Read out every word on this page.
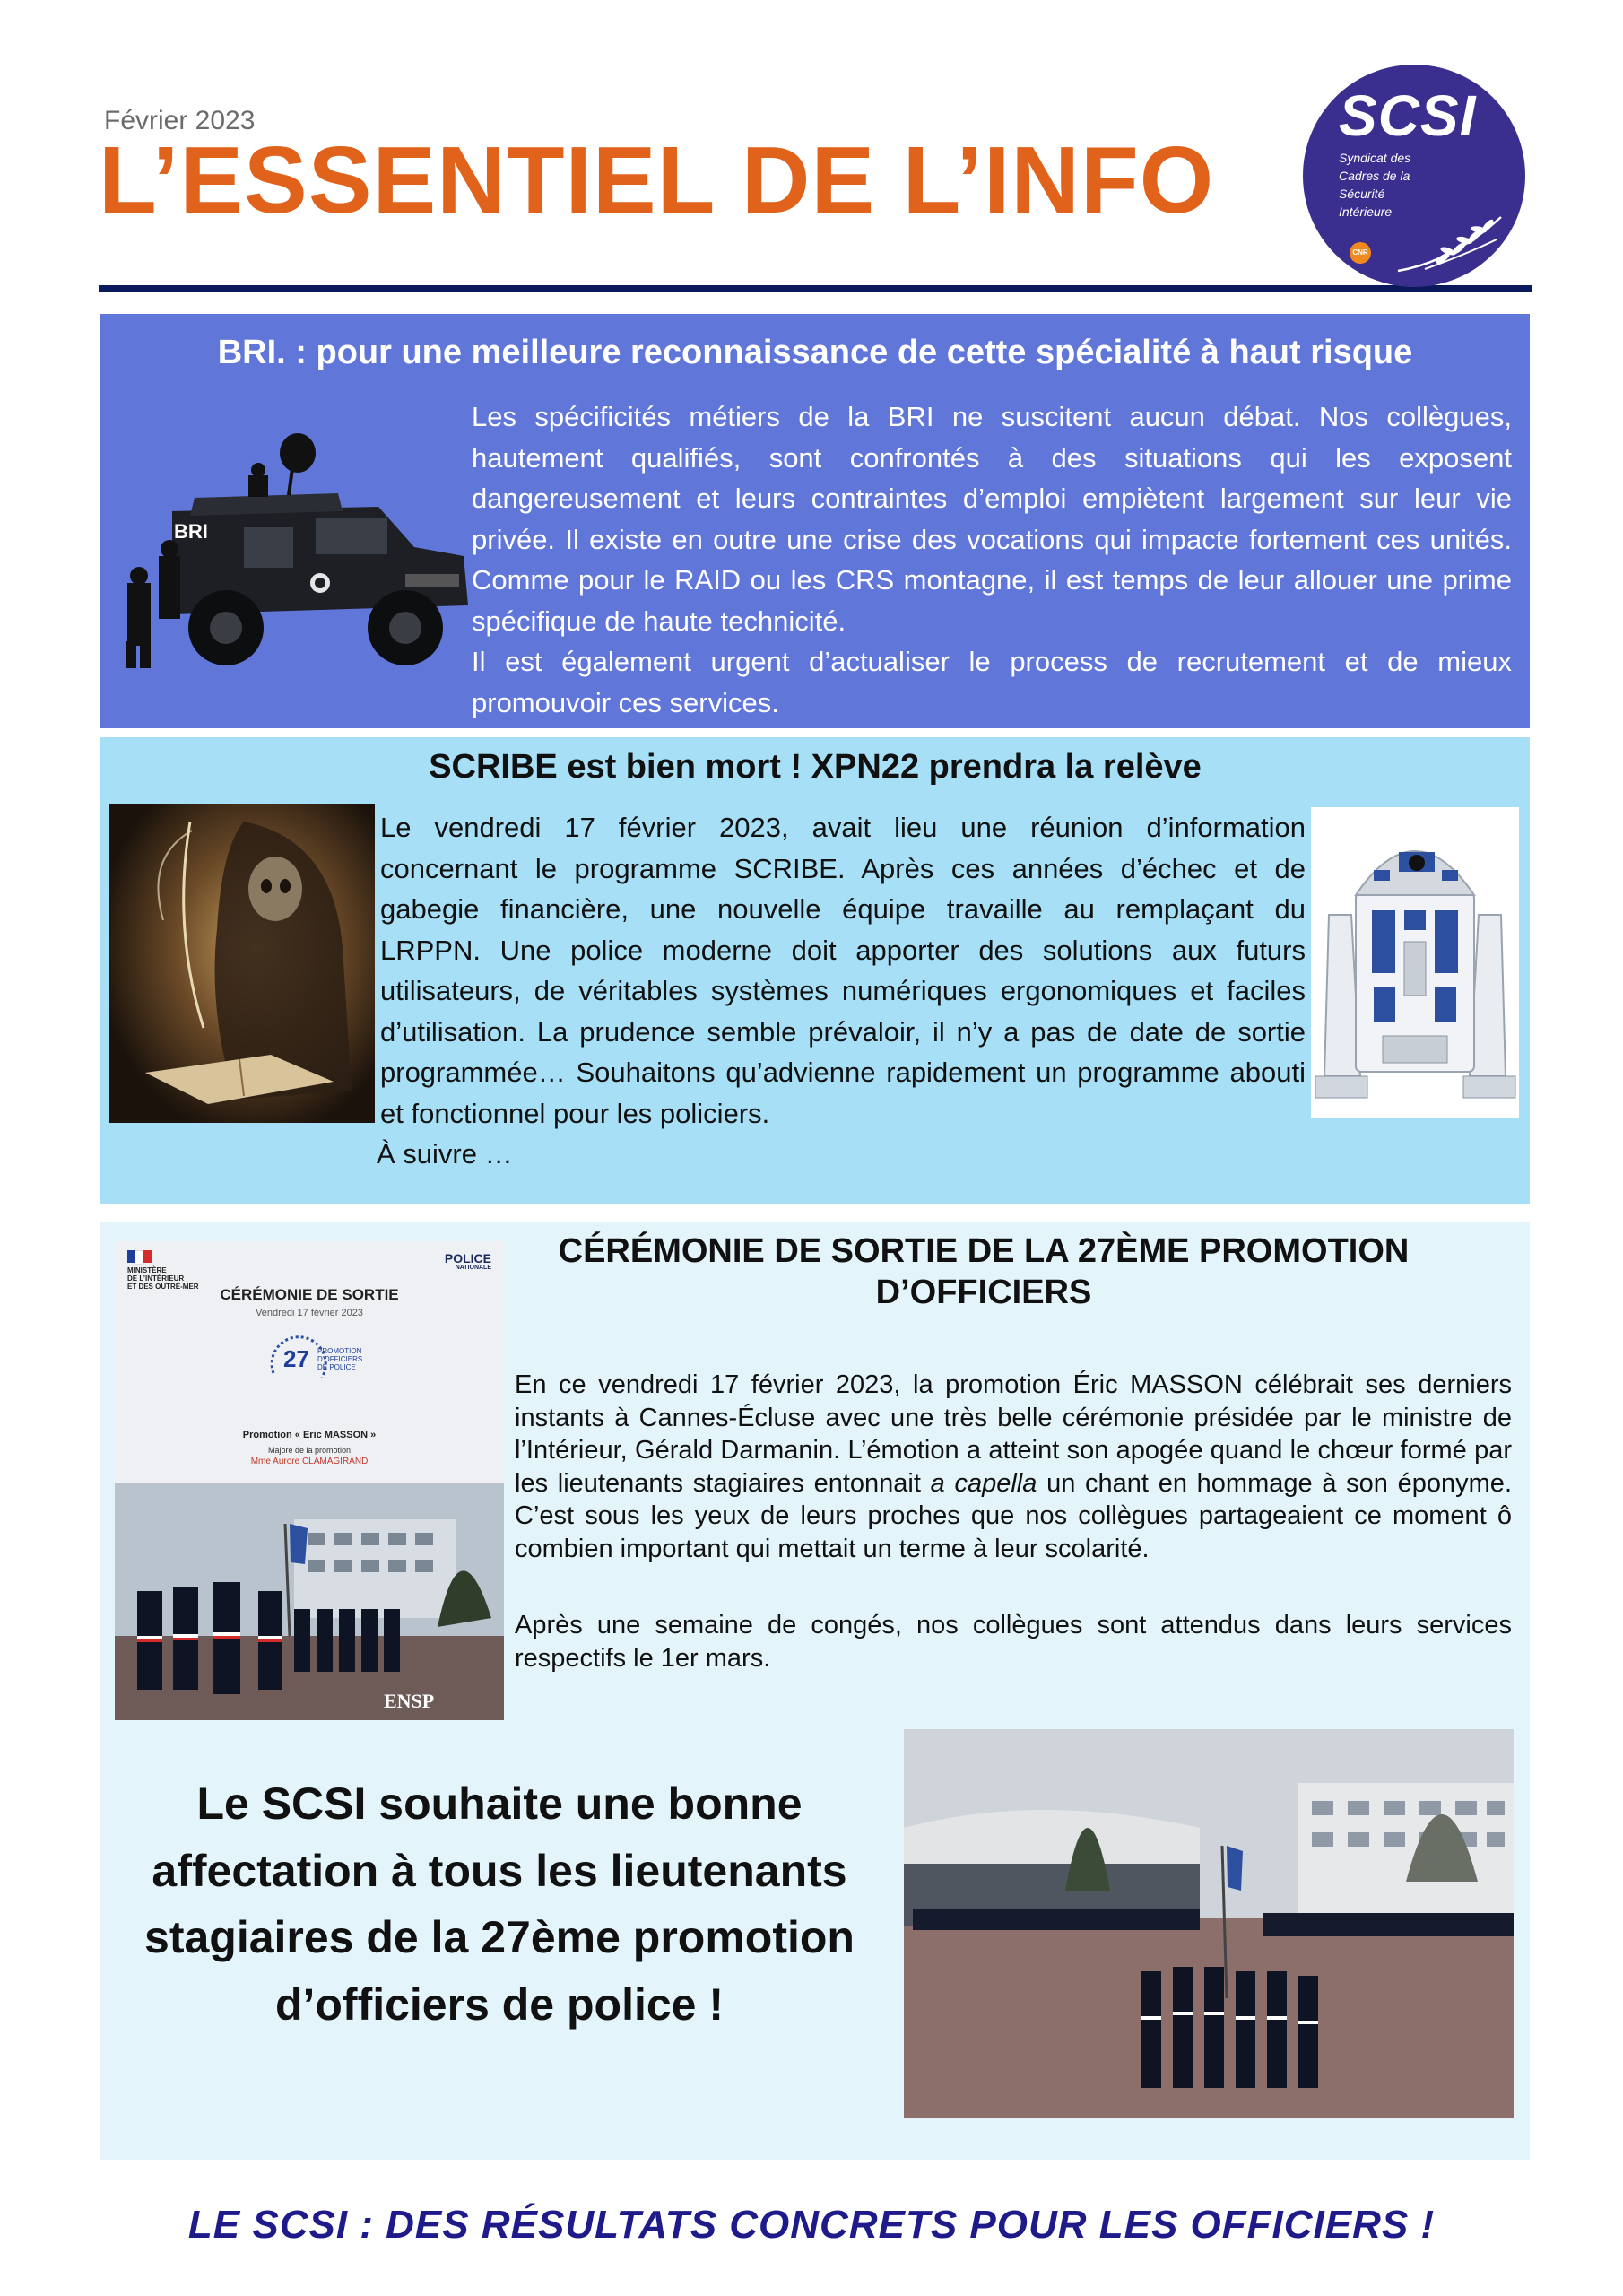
Février 2023
L’ESSENTIEL DE L’INFO
SCSI
Syndicat des
Cadres de la
Sécurité
Intérieure
CNR
BRI. : pour une meilleure reconnaissance de cette spécialité à haut risque
BRI
Les spécificités métiers de la BRI ne suscitent aucun débat. Nos collègues, hautement qualifiés, sont confrontés à des situations qui les exposent dangereusement et leurs contraintes d’emploi empiètent largement sur leur vie privée. Il existe en outre une crise des vocations qui impacte fortement ces unités. Comme pour le RAID ou les CRS montagne, il est temps de leur allouer une prime spécifique de haute technicité.
Il est également urgent d’actualiser le process de recrutement et de mieux promouvoir ces services.
SCRIBE est bien mort ! XPN22 prendra la relève
Le vendredi 17 février 2023, avait lieu une réunion d’information concernant le programme SCRIBE. Après ces années d’échec et de gabegie financière, une nouvelle équipe travaille au remplaçant du LRPPN. Une police moderne doit apporter des solutions aux futurs utilisateurs, de véritables systèmes numériques ergonomiques et faciles d’utilisation. La prudence semble prévaloir, il n’y a pas de date de sortie programmée… Souhaitons qu’advienne rapidement un programme abouti et fonctionnel pour les policiers.
À suivre …
MINISTÈRE
DE L’INTÉRIEUR
ET DES OUTRE-MER
POLICE
NATIONALE
CÉRÉMONIE DE SORTIE
Vendredi 17 février 2023
27 PROMOTION
D’OFFICIERS
DE POLICE
Promotion « Eric MASSON »
Majore de la promotion
Mme Aurore CLAMAGIRAND
ENSP
CÉRÉMONIE DE SORTIE DE LA 27ÈME PROMOTION D’OFFICIERS
En ce vendredi 17 février 2023, la promotion Éric MASSON célébrait ses derniers instants à Cannes-Écluse avec une très belle cérémonie présidée par le ministre de l’Intérieur, Gérald Darmanin. L’émotion a atteint son apogée quand le chœur formé par les lieutenants stagiaires entonnait a capella un chant en hommage à son éponyme. C’est sous les yeux de leurs proches que nos collègues partageaient ce moment ô combien important qui mettait un terme à leur scolarité.
Après une semaine de congés, nos collègues sont attendus dans leurs services respectifs le 1er mars.
Le SCSI souhaite une bonne affectation à tous les lieutenants stagiaires de la 27ème promotion d’officiers de police !
LE SCSI : DES RÉSULTATS CONCRETS POUR LES OFFICIERS !
